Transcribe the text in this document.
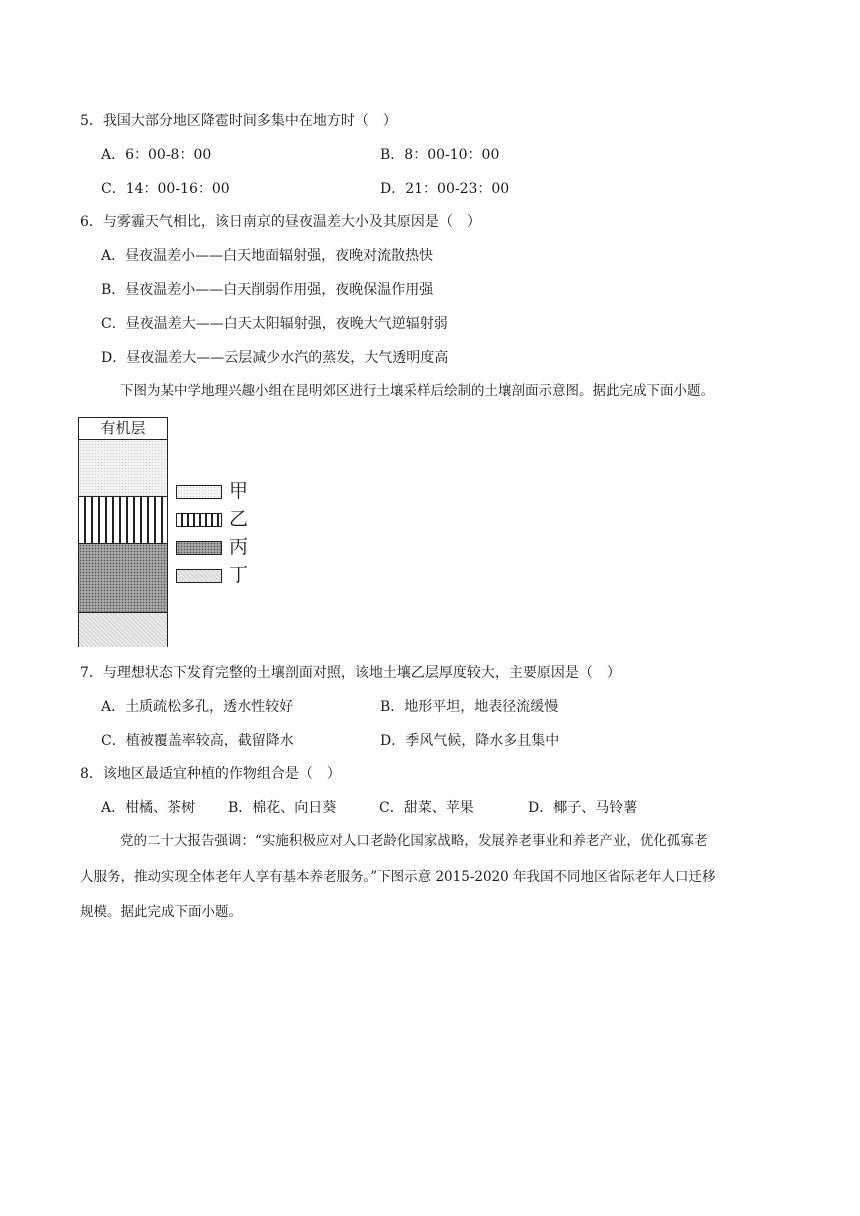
5．我国大部分地区降雹时间多集中在地方时（　）
A．6：00-8：00	B．8：00-10：00
C．14：00-16：00	D．21：00-23：00
6．与雾霾天气相比，该日南京的昼夜温差大小及其原因是（　）
A．昼夜温差小——白天地面辐射强，夜晚对流散热快
B．昼夜温差小——白天削弱作用强，夜晚保温作用强
C．昼夜温差大——白天太阳辐射强，夜晚大气逆辐射弱
D．昼夜温差大——云层减少水汽的蒸发，大气透明度高
下图为某中学地理兴趣小组在昆明郊区进行土壤采样后绘制的土壤剖面示意图。据此完成下面小题。
有机层
甲
乙
丙
丁
7．与理想状态下发育完整的土壤剖面对照，该地土壤乙层厚度较大，主要原因是（　）
A．土质疏松多孔，透水性较好	B．地形平坦，地表径流缓慢
C．植被覆盖率较高，截留降水	D．季风气候，降水多且集中
8．该地区最适宜种植的作物组合是（　）
A．柑橘、茶树 B．棉花、向日葵	C．甜菜、苹果	D．椰子、马铃薯
党的二十大报告强调：“实施积极应对人口老龄化国家战略，发展养老事业和养老产业，优化孤寡老
人服务，推动实现全体老年人享有基本养老服务。”下图示意 2015-2020 年我国不同地区省际老年人口迁移
规模。据此完成下面小题。
